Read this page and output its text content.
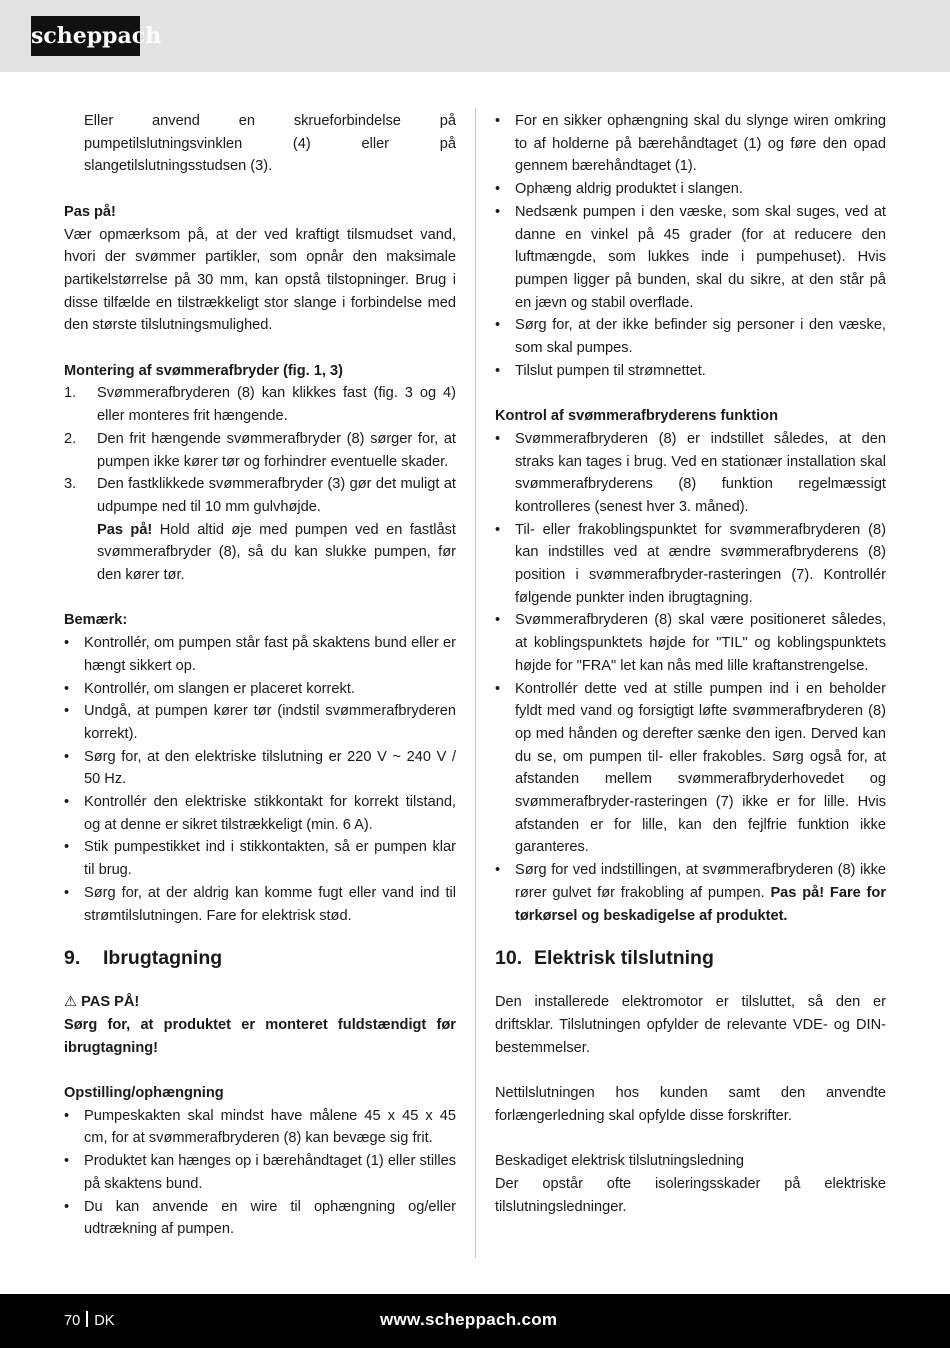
scheppach

Eller anvend en skrueforbindelse på pumpetilslutningsvinklen (4) eller på slangetilslutningsstudsen (3).

Pas på!

Vær opmærksom på, at der ved kraftigt tilsmudset vand, hvori der svømmer partikler, som opnår den maksimale partikelstørrelse på 30 mm, kan opstå tilstopninger. Brug i disse tilfælde en tilstrækkeligt stor slange i forbindelse med den største tilslutningsmulighed.

Montering af svømmerafbryder (fig. 1, 3)

1. Svømmerafbryderen (8) kan klikkes fast (fig. 3 og 4) eller monteres frit hængende.
2. Den frit hængende svømmerafbryder (8) sørger for, at pumpen ikke kører tør og forhindrer eventuelle skader.
3. Den fastklikkede svømmerafbryder (3) gør det muligt at udpumpe ned til 10 mm gulvhøjde.

Pas på! Hold altid øje med pumpen ved en fastlåst svømmerafbryder (8), så du kan slukke pumpen, før den kører tør.

Bemærk:

• Kontrollér, om pumpen står fast på skaktens bund eller er hængt sikkert op.
• Kontrollér, om slangen er placeret korrekt.
• Undgå, at pumpen kører tør (indstil svømmerafbryderen korrekt).
• Sørg for, at den elektriske tilslutning er 220 V ~ 240 V / 50 Hz.
• Kontrollér den elektriske stikkontakt for korrekt tilstand, og at denne er sikret tilstrækkeligt (min. 6 A).
• Stik pumpestikket ind i stikkontakten, så er pumpen klar til brug.
• Sørg for, at der aldrig kan komme fugt eller vand ind til strømtilslutningen. Fare for elektrisk stød.
9. Ibrugtagning

⚠ PAS PÅ!

Sørg for, at produktet er monteret fuldstændigt før ibrugtagning!

Opstilling/ophængning

• Pumpeskakten skal mindst have målene 45 x 45 x 45 cm, for at svømmerafbryderen (8) kan bevæge sig frit.
• Produktet kan hænges op i bærehåndtaget (1) eller stilles på skaktens bund.
• Du kan anvende en wire til ophængning og/eller udtrækning af pumpen.
• For en sikker ophængning skal du slynge wiren omkring to af holderne på bærehåndtaget (1) og føre den opad gennem bærehåndtaget (1).
• Ophæng aldrig produktet i slangen.
• Nedsænk pumpen i den væske, som skal suges, ved at danne en vinkel på 45 grader (for at reducere den luftmængde, som lukkes inde i pumpehuset). Hvis pumpen ligger på bunden, skal du sikre, at den står på en jævn og stabil overflade.
• Sørg for, at der ikke befinder sig personer i den væske, som skal pumpes.
• Tilslut pumpen til strømnettet.

Kontrol af svømmerafbryderens funktion

• Svømmerafbryderen (8) er indstillet således, at den straks kan tages i brug. Ved en stationær installation skal svømmerafbryderens (8) funktion regelmæssigt kontrolleres (senest hver 3. måned).
• Til- eller frakoblingspunktet for svømmerafbryderen (8) kan indstilles ved at ændre svømmerafbryderens (8) position i svømmerafbryder-rasteringen (7). Kontrollér følgende punkter inden ibrugtagning.
• Svømmerafbryderen (8) skal være positioneret således, at koblingspunktets højde for "TIL" og koblingspunktets højde for "FRA" let kan nås med lille kraftanstrengelse.
• Kontrollér dette ved at stille pumpen ind i en beholder fyldt med vand og forsigtigt løfte svømmerafbryderen (8) op med hånden og derefter sænke den igen. Derved kan du se, om pumpen til- eller frakobles. Sørg også for, at afstanden mellem svømmerafbryderhovedet og svømmerafbryder-rasteringen (7) ikke er for lille. Hvis afstanden er for lille, kan den fejlfrie funktion ikke garanteres.
• Sørg for ved indstillingen, at svømmerafbryderen (8) ikke rører gulvet før frakobling af pumpen. Pas på! Fare for tørkørsel og beskadigelse af produktet.
10. Elektrisk tilslutning

Den installerede elektromotor er tilsluttet, så den er driftsklar. Tilslutningen opfylder de relevante VDE- og DIN-bestemmelser.

Nettilslutningen hos kunden samt den anvendte forlængerledning skal opfylde disse forskrifter.

Beskadiget elektrisk tilslutningsledning

Der opstår ofte isoleringsskader på elektriske tilslutningsledninger.

70 DK	www.scheppach.com
